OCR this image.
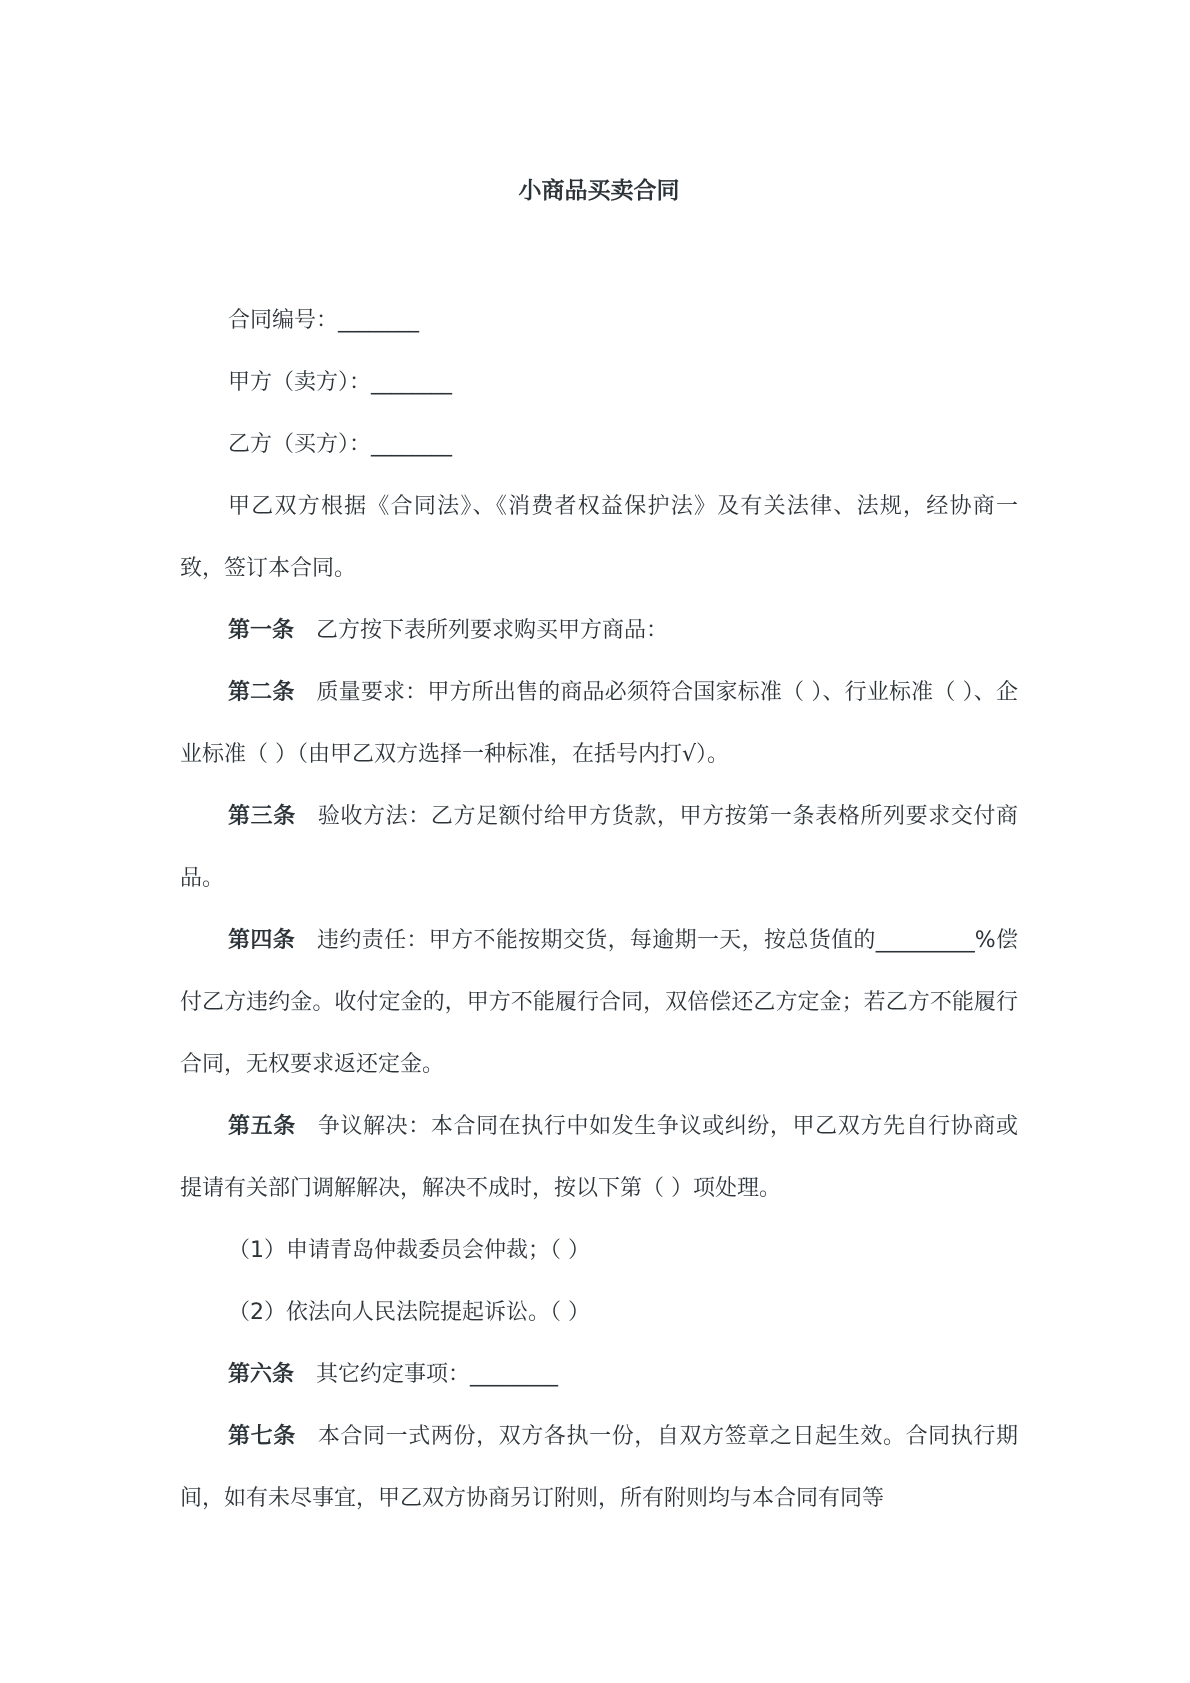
小商品买卖合同

合同编号：________

甲方（卖方）：________

乙方（买方）：________

甲乙双方根据《合同法》、《消费者权益保护法》及有关法律、法规，经协商一致，签订本合同。

第一条 乙方按下表所列要求购买甲方商品：

第二条 质量要求：甲方所出售的商品必须符合国家标准（ ）、行业标准（ ）、企业标准（ ）（由甲乙双方选择一种标准，在括号内打√）。

第三条 验收方法：乙方足额付给甲方货款，甲方按第一条表格所列要求交付商品。

第四条 违约责任：甲方不能按期交货，每逾期一天，按总货值的_________%偿付乙方违约金。收付定金的，甲方不能履行合同，双倍偿还乙方定金；若乙方不能履行合同，无权要求返还定金。

第五条 争议解决：本合同在执行中如发生争议或纠纷，甲乙双方先自行协商或提请有关部门调解解决，解决不成时，按以下第（ ）项处理。

（1）申请青岛仲裁委员会仲裁；（ ）

（2）依法向人民法院提起诉讼。（ ）

第六条 其它约定事项：________

第七条 本合同一式两份，双方各执一份，自双方签章之日起生效。合同执行期间，如有未尽事宜，甲乙双方协商另订附则，所有附则均与本合同有同等
